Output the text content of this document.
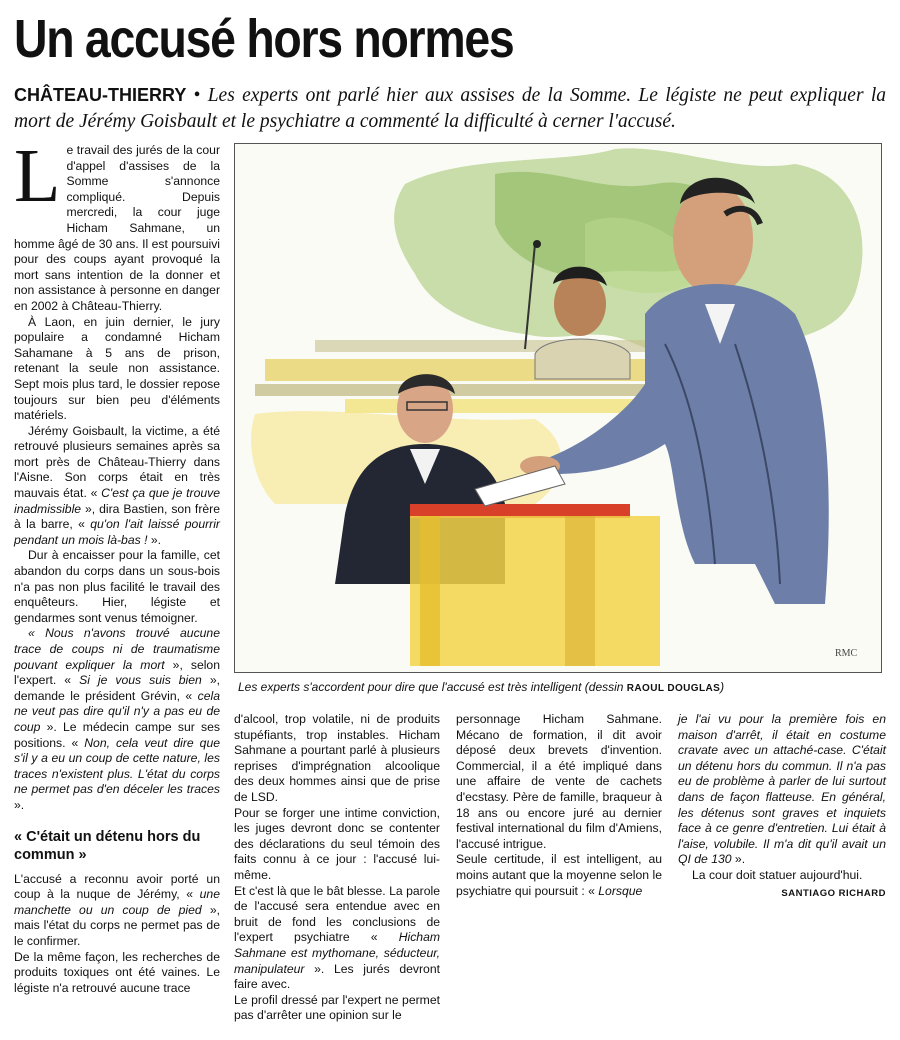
Un accusé hors normes
CHÂTEAU-THIERRY • Les experts ont parlé hier aux assises de la Somme. Le légiste ne peut expliquer la mort de Jérémy Goisbault et le psychiatre a commenté la difficulté à cerner l'accusé.

Le travail des jurés de la cour d'appel d'assises de la Somme s'annonce compliqué. Depuis mercredi, la cour juge Hicham Sahmane, un homme âgé de 30 ans. Il est poursuivi pour des coups ayant provoqué la mort sans intention de la donner et non assistance à personne en danger en 2002 à Château-Thierry.

À Laon, en juin dernier, le jury populaire a condamné Hicham Sahamane à 5 ans de prison, retenant la seule non assistance. Sept mois plus tard, le dossier repose toujours sur bien peu d'éléments matériels.

Jérémy Goisbault, la victime, a été retrouvé plusieurs semaines après sa mort près de Château-Thierry dans l'Aisne. Son corps était en très mauvais état. « C'est ça que je trouve inadmissible », dira Bastien, son frère à la barre, « qu'on l'ait laissé pourrir pendant un mois là-bas ! ».

Dur à encaisser pour la famille, cet abandon du corps dans un sous-bois n'a pas non plus facilité le travail des enquêteurs. Hier, légiste et gendarmes sont venus témoigner.

« Nous n'avons trouvé aucune trace de coups ni de traumatisme pouvant expliquer la mort », selon l'expert. « Si je vous suis bien », demande le président Grévin, « cela ne veut pas dire qu'il n'y a pas eu de coup ». Le médecin campe sur ses positions. « Non, cela veut dire que s'il y a eu un coup de cette nature, les traces n'existent plus. L'état du corps ne permet pas d'en déceler les traces ».

« C'était un détenu hors du commun »

L'accusé a reconnu avoir porté un coup à la nuque de Jérémy, « une manchette ou un coup de pied », mais l'état du corps ne permet pas de le confirmer.

De la même façon, les recherches de produits toxiques ont été vaines. Le légiste n'a retrouvé aucune trace

RMC
Les experts s'accordent pour dire que l'accusé est très intelligent (dessin RAOUL DOUGLAS)

d'alcool, trop volatile, ni de produits stupéfiants, trop instables. Hicham Sahmane a pourtant parlé à plusieurs reprises d'imprégnation alcoolique des deux hommes ainsi que de prise de LSD.

Pour se forger une intime conviction, les juges devront donc se contenter des déclarations du seul témoin des faits connu à ce jour : l'accusé lui-même.

Et c'est là que le bât blesse. La parole de l'accusé sera entendue avec en bruit de fond les conclusions de l'expert psychiatre « Hicham Sahmane est mythomane, séducteur, manipulateur ». Les jurés devront faire avec.

Le profil dressé par l'expert ne permet pas d'arrêter une opinion sur le

personnage Hicham Sahmane. Mécano de formation, il dit avoir déposé deux brevets d'invention. Commercial, il a été impliqué dans une affaire de vente de cachets d'ecstasy. Père de famille, braqueur à 18 ans ou encore juré au dernier festival international du film d'Amiens, l'accusé intrigue.

Seule certitude, il est intelligent, au moins autant que la moyenne selon le psychiatre qui poursuit : « Lorsque

je l'ai vu pour la première fois en maison d'arrêt, il était en costume cravate avec un attaché-case. C'était un détenu hors du commun. Il n'a pas eu de problème à parler de lui surtout dans de façon flatteuse. En général, les détenus sont graves et inquiets face à ce genre d'entretien. Lui était à l'aise, volubile. Il m'a dit qu'il avait un QI de 130 ».

La cour doit statuer aujourd'hui.

SANTIAGO RICHARD
